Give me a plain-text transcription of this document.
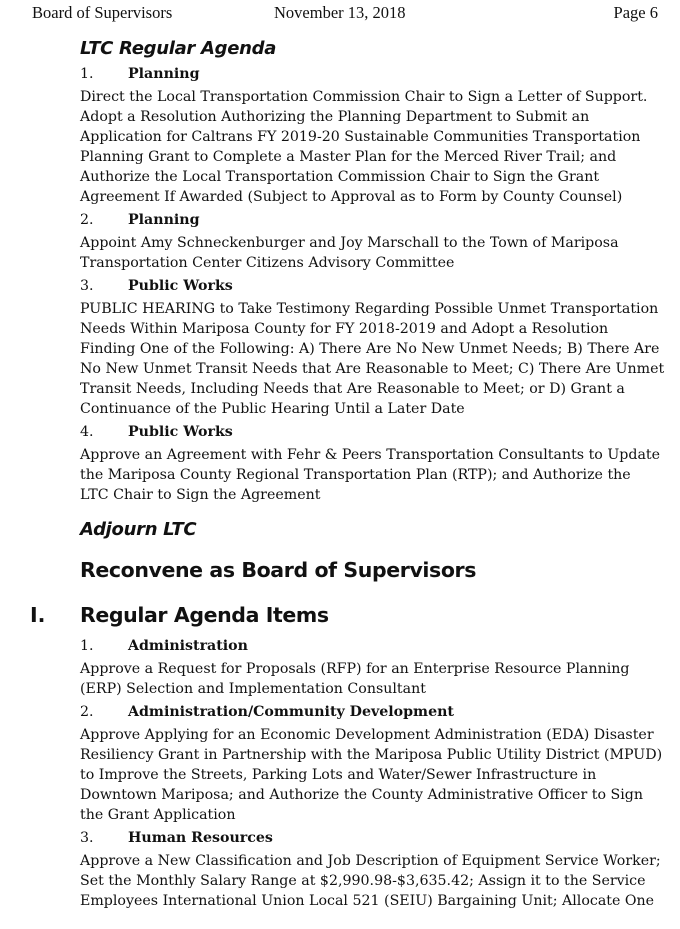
Board of Supervisors	November 13, 2018	Page 6
LTC Regular Agenda
1. Planning
Direct the Local Transportation Commission Chair to Sign a Letter of Support.
Adopt a Resolution Authorizing the Planning Department to Submit an
Application for Caltrans FY 2019-20 Sustainable Communities Transportation
Planning Grant to Complete a Master Plan for the Merced River Trail; and
Authorize the Local Transportation Commission Chair to Sign the Grant
Agreement If Awarded (Subject to Approval as to Form by County Counsel)
2. Planning
Appoint Amy Schneckenburger and Joy Marschall to the Town of Mariposa
Transportation Center Citizens Advisory Committee
3. Public Works
PUBLIC HEARING to Take Testimony Regarding Possible Unmet Transportation
Needs Within Mariposa County for FY 2018-2019 and Adopt a Resolution
Finding One of the Following: A) There Are No New Unmet Needs; B) There Are
No New Unmet Transit Needs that Are Reasonable to Meet; C) There Are Unmet
Transit Needs, Including Needs that Are Reasonable to Meet; or D) Grant a
Continuance of the Public Hearing Until a Later Date
4. Public Works
Approve an Agreement with Fehr & Peers Transportation Consultants to Update
the Mariposa County Regional Transportation Plan (RTP); and Authorize the
LTC Chair to Sign the Agreement
Adjourn LTC
Reconvene as Board of Supervisors
I. Regular Agenda Items
1. Administration
Approve a Request for Proposals (RFP) for an Enterprise Resource Planning
(ERP) Selection and Implementation Consultant
2. Administration/Community Development
Approve Applying for an Economic Development Administration (EDA) Disaster
Resiliency Grant in Partnership with the Mariposa Public Utility District (MPUD)
to Improve the Streets, Parking Lots and Water/Sewer Infrastructure in
Downtown Mariposa; and Authorize the County Administrative Officer to Sign
the Grant Application
3. Human Resources
Approve a New Classification and Job Description of Equipment Service Worker;
Set the Monthly Salary Range at $2,990.98-$3,635.42; Assign it to the Service
Employees International Union Local 521 (SEIU) Bargaining Unit; Allocate One
